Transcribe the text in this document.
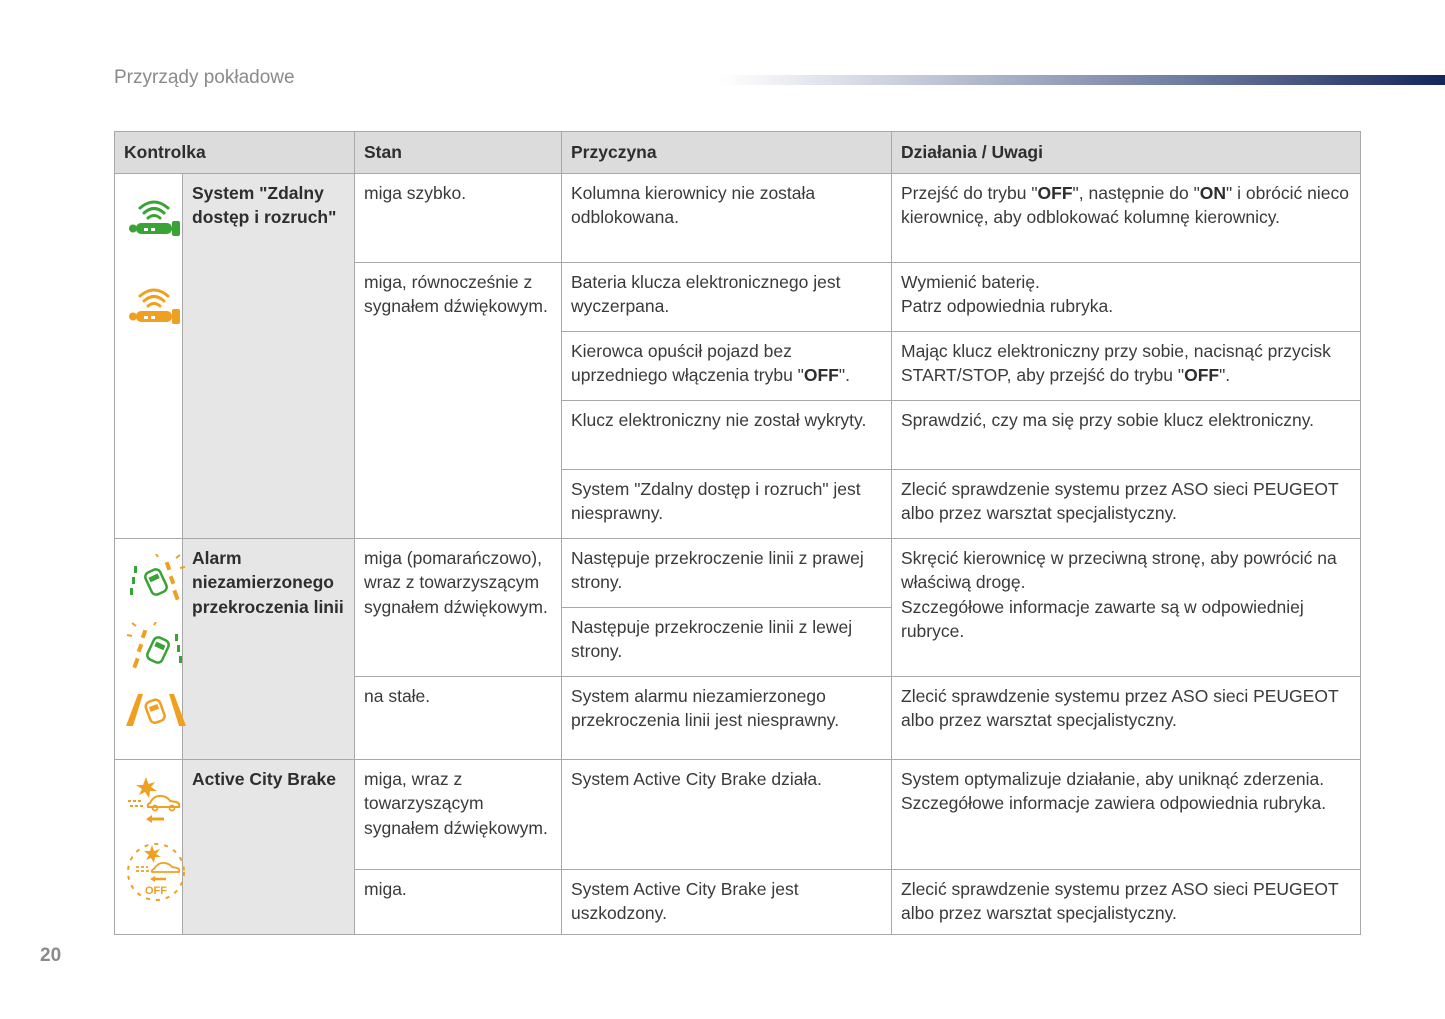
Przyrządy pokładowe
Kontrolka		Stan	Przyczyna	Działania / Uwagi

	System "Zdalny dostęp i rozruch"	miga szybko.	Kolumna kierownicy nie została odblokowana.	Przejść do trybu "OFF", następnie do "ON" i obrócić nieco kierownicę, aby odblokować kolumnę kierownicy.
		miga, równocześnie z sygnałem dźwiękowym.	Bateria klucza elektronicznego jest wyczerpana.	Wymienić baterię.
Patrz odpowiednia rubryka.
			Kierowca opuścił pojazd bez uprzedniego włączenia trybu "OFF".	Mając klucz elektroniczny przy sobie, nacisnąć przycisk START/STOP, aby przejść do trybu "OFF".
			Klucz elektroniczny nie został wykryty.	Sprawdzić, czy ma się przy sobie klucz elektroniczny.
			System "Zdalny dostęp i rozruch" jest niesprawny.	Zlecić sprawdzenie systemu przez ASO sieci PEUGEOT albo przez warsztat specjalistyczny.

	Alarm niezamierzonego przekroczenia linii	miga (pomarańczowo), wraz z towarzyszącym sygnałem dźwiękowym.	Następuje przekroczenie linii z prawej strony.	Skręcić kierownicę w przeciwną stronę, aby powrócić na właściwą drogę.
Szczegółowe informacje zawarte są w odpowiedniej rubryce.
			Następuje przekroczenie linii z lewej strony.	
		na stałe.	System alarmu niezamierzonego przekroczenia linii jest niesprawny.	Zlecić sprawdzenie systemu przez ASO sieci PEUGEOT albo przez warsztat specjalistyczny.

OFF	Active City Brake	miga, wraz z towarzyszącym sygnałem dźwiękowym.	System Active City Brake działa.	System optymalizuje działanie, aby uniknąć zderzenia.
Szczegółowe informacje zawiera odpowiednia rubryka.
		miga.	System Active City Brake jest uszkodzony.	Zlecić sprawdzenie systemu przez ASO sieci PEUGEOT albo przez warsztat specjalistyczny.
20
